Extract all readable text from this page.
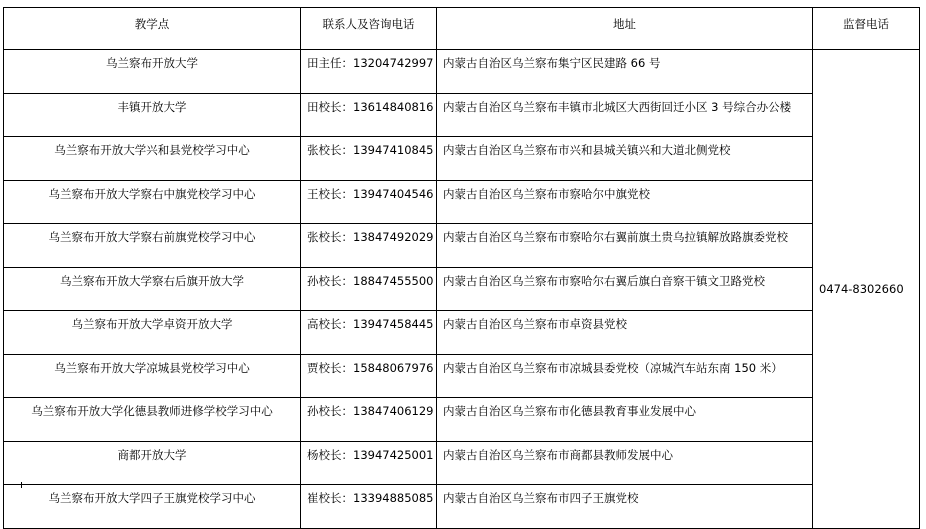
教学点	联系人及咨询电话	地址	监督电话
乌兰察布开放大学	田主任：13204742997	内蒙古自治区乌兰察布集宁区民建路 66 号	0474-8302660
丰镇开放大学	田校长：13614840816	内蒙古自治区乌兰察布丰镇市北城区大西街回迁小区 3 号综合办公楼	
乌兰察布开放大学兴和县党校学习中心	张校长：13947410845	内蒙古自治区乌兰察布市兴和县城关镇兴和大道北侧党校	
乌兰察布开放大学察右中旗党校学习中心	王校长：13947404546	内蒙古自治区乌兰察布市察哈尔中旗党校	
乌兰察布开放大学察右前旗党校学习中心	张校长：13847492029	内蒙古自治区乌兰察布市察哈尔右翼前旗土贵乌拉镇解放路旗委党校	
乌兰察布开放大学察右后旗开放大学	孙校长：18847455500	内蒙古自治区乌兰察布市察哈尔右翼后旗白音察干镇文卫路党校	
乌兰察布开放大学卓资开放大学	高校长：13947458445	内蒙古自治区乌兰察布市卓资县党校	
乌兰察布开放大学凉城县党校学习中心	贾校长：15848067976	内蒙古自治区乌兰察布市凉城县委党校（凉城汽车站东南 150 米）	
乌兰察布开放大学化德县教师进修学校学习中心	孙校长：13847406129	内蒙古自治区乌兰察布市化德县教育事业发展中心	
商都开放大学	杨校长：13947425001	内蒙古自治区乌兰察布市商都县教师发展中心	
乌兰察布开放大学四子王旗党校学习中心	崔校长：13394885085	内蒙古自治区乌兰察布市四子王旗党校	
